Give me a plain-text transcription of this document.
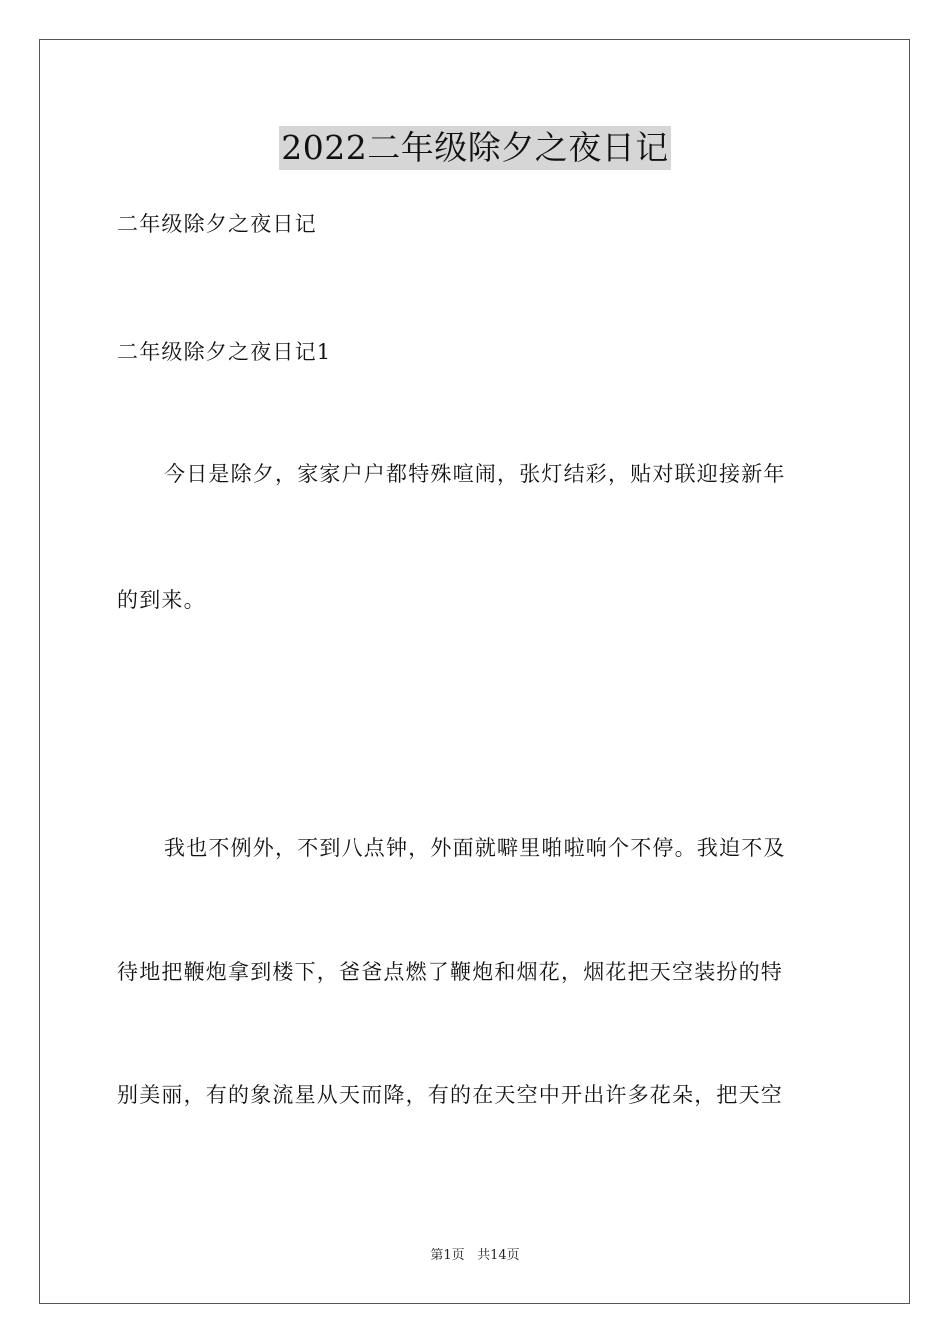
2022二年级除夕之夜日记

二年级除夕之夜日记

二年级除夕之夜日记1

今日是除夕，家家户户都特殊喧闹，张灯结彩，贴对联迎接新年

的到来。

我也不例外，不到八点钟，外面就噼里啪啦响个不停。我迫不及

待地把鞭炮拿到楼下，爸爸点燃了鞭炮和烟花，烟花把天空装扮的特

别美丽，有的象流星从天而降，有的在天空中开出许多花朵，把天空

第1页 共14页
